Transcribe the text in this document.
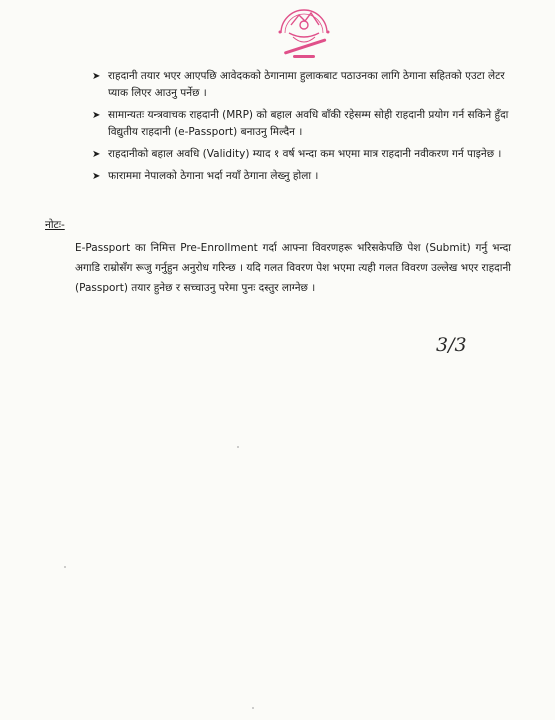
➤ राहदानी तयार भएर आएपछि आवेदकको ठेगानामा हुलाकबाट पठाउनका लागि ठेगाना सहितको एउटा लेटर प्याक लिएर आउनु पर्नेछ ।
➤ सामान्यतः यन्त्रवाचक राहदानी (MRP) को बहाल अवधि बाँकी रहेसम्म सोही राहदानी प्रयोग गर्न सकिने हुँदा विद्युतीय राहदानी (e-Passport) बनाउनु मिल्दैन ।
➤ राहदानीको बहाल अवधि (Validity) म्याद १ वर्ष भन्दा कम भएमा मात्र राहदानी नवीकरण गर्न पाइनेछ ।
➤ फाराममा नेपालको ठेगाना भर्दा नयाँ ठेगाना लेख्नु होला ।
नोटः-

E-Passport का निमित्त Pre-Enrollment गर्दा आफ्ना विवरणहरू भरिसकेपछि पेश (Submit) गर्नु भन्दा अगाडि राम्रोसँग रूजु गर्नुहुन अनुरोध गरिन्छ । यदि गलत विवरण पेश भएमा त्यही गलत विवरण उल्लेख भएर राहदानी (Passport) तयार हुनेछ र सच्चाउनु परेमा पुनः दस्तुर लाग्नेछ ।

3/3
